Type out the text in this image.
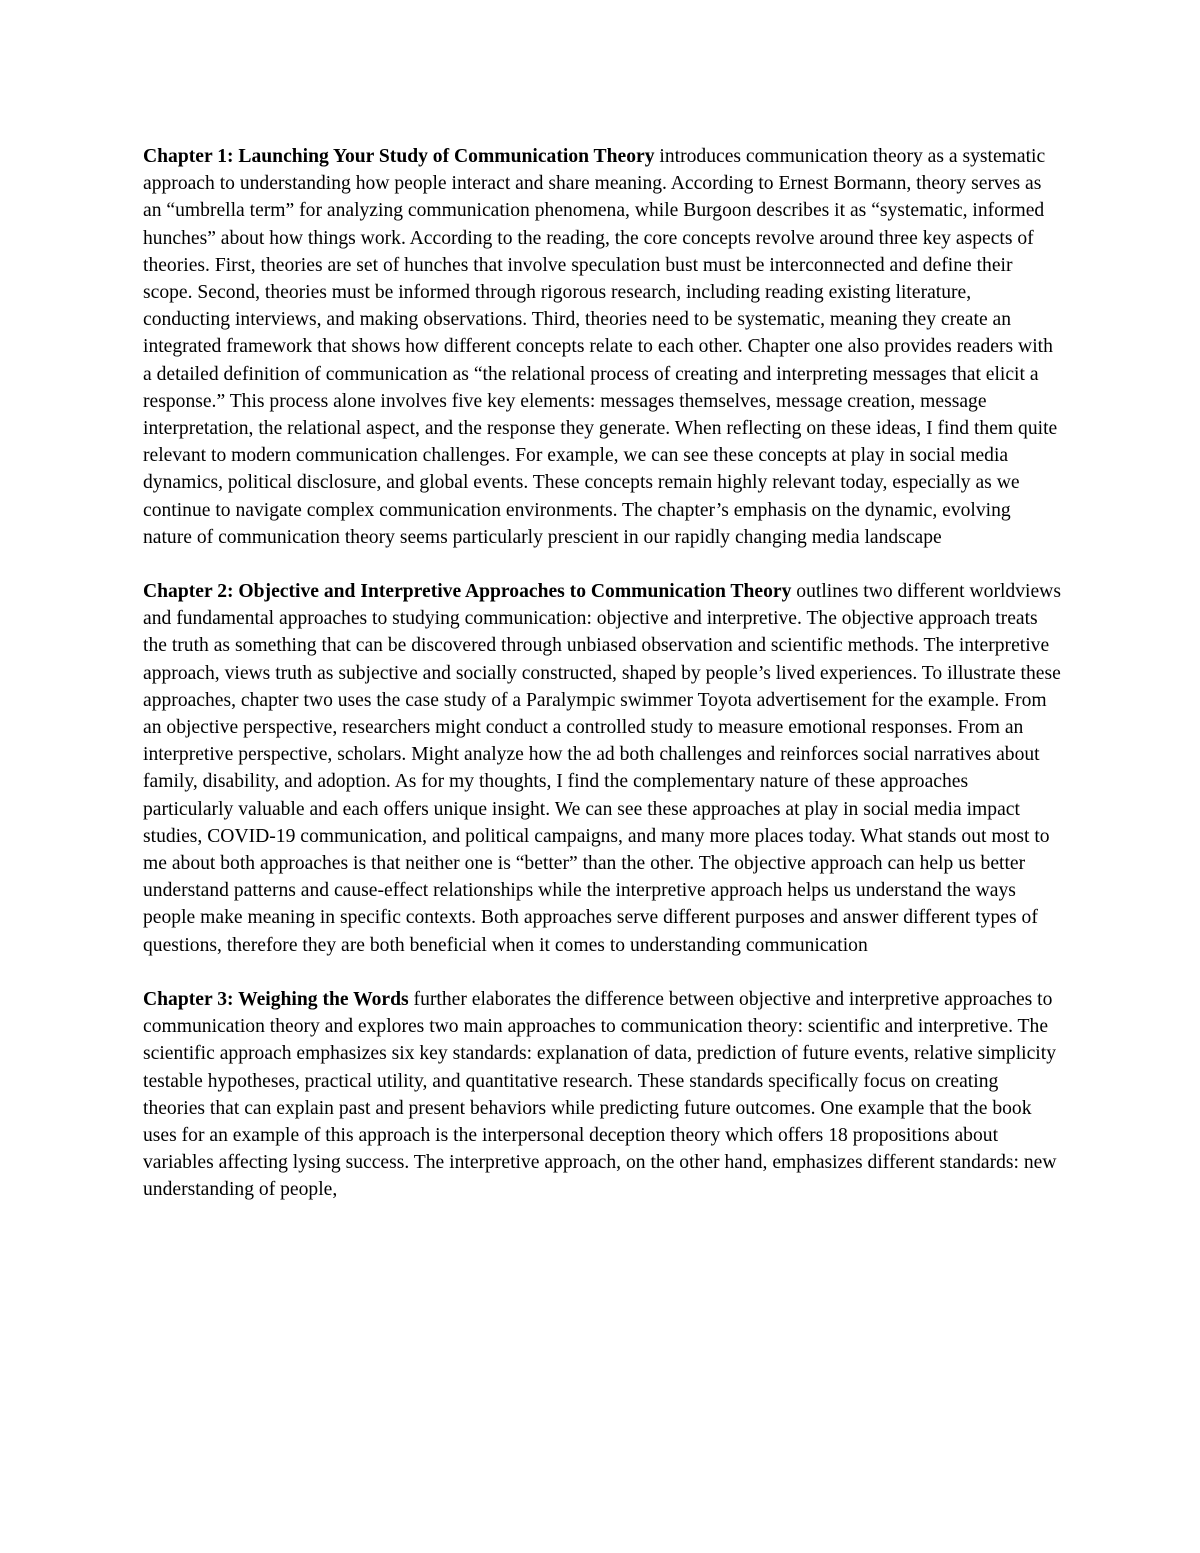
Chapter 1: Launching Your Study of Communication Theory introduces communication theory as a systematic approach to understanding how people interact and share meaning. According to Ernest Bormann, theory serves as an “umbrella term” for analyzing communication phenomena, while Burgoon describes it as “systematic, informed hunches” about how things work. According to the reading, the core concepts revolve around three key aspects of theories. First, theories are set of hunches that involve speculation bust must be interconnected and define their scope. Second, theories must be informed through rigorous research, including reading existing literature, conducting interviews, and making observations. Third, theories need to be systematic, meaning they create an integrated framework that shows how different concepts relate to each other. Chapter one also provides readers with a detailed definition of communication as “the relational process of creating and interpreting messages that elicit a response.” This process alone involves five key elements: messages themselves, message creation, message interpretation, the relational aspect, and the response they generate. When reflecting on these ideas, I find them quite relevant to modern communication challenges. For example, we can see these concepts at play in social media dynamics, political disclosure, and global events. These concepts remain highly relevant today, especially as we continue to navigate complex communication environments. The chapter’s emphasis on the dynamic, evolving nature of communication theory seems particularly prescient in our rapidly changing media landscape

Chapter 2: Objective and Interpretive Approaches to Communication Theory outlines two different worldviews and fundamental approaches to studying communication: objective and interpretive. The objective approach treats the truth as something that can be discovered through unbiased observation and scientific methods. The interpretive approach, views truth as subjective and socially constructed, shaped by people’s lived experiences. To illustrate these approaches, chapter two uses the case study of a Paralympic swimmer Toyota advertisement for the example. From an objective perspective, researchers might conduct a controlled study to measure emotional responses. From an interpretive perspective, scholars. Might analyze how the ad both challenges and reinforces social narratives about family, disability, and adoption. As for my thoughts, I find the complementary nature of these approaches particularly valuable and each offers unique insight. We can see these approaches at play in social media impact studies, COVID-19 communication, and political campaigns, and many more places today. What stands out most to me about both approaches is that neither one is “better” than the other. The objective approach can help us better understand patterns and cause-effect relationships while the interpretive approach helps us understand the ways people make meaning in specific contexts. Both approaches serve different purposes and answer different types of questions, therefore they are both beneficial when it comes to understanding communication

Chapter 3: Weighing the Words further elaborates the difference between objective and interpretive approaches to communication theory and explores two main approaches to communication theory: scientific and interpretive. The scientific approach emphasizes six key standards: explanation of data, prediction of future events, relative simplicity testable hypotheses, practical utility, and quantitative research. These standards specifically focus on creating theories that can explain past and present behaviors while predicting future outcomes. One example that the book uses for an example of this approach is the interpersonal deception theory which offers 18 propositions about variables affecting lysing success. The interpretive approach, on the other hand, emphasizes different standards: new understanding of people,
